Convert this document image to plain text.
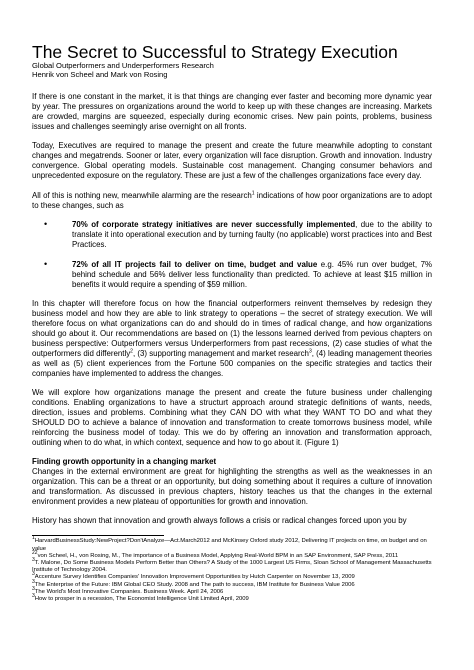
The Secret to Successful to Strategy Execution
Global Outperformers and Underperformers Research
Henrik von Scheel and Mark von Rosing

If there is one constant in the market, it is that things are changing ever faster and becoming more dynamic year by year. The pressures on organizations around the world to keep up with these changes are increasing. Markets are crowded, margins are squeezed, especially during economic crises. New pain points, problems, business issues and challenges seemingly arise overnight on all fronts.

Today, Executives are required to manage the present and create the future meanwhile adopting to constant changes and megatrends. Sooner or later, every organization will face disruption. Growth and innovation. Industry convergence. Global operating models. Sustainable cost management. Changing consumer behaviors and unprecedented exposure on the regulatory. These are just a few of the challenges organizations face every day.

All of this is nothing new, meanwhile alarming are the research$^1$ indications of how poor organizations are to adopt to these changes, such as

•	70% of corporate strategy initiatives are never successfully implemented, due to the ability to translate it into operational execution and by turning faulty (no applicable) worst practices into and Best Practices.
•	72% of all IT projects fail to deliver on time, budget and value e.g. 45% run over budget, 7% behind schedule and 56% deliver less functionality than predicted. To achieve at least $15 million in benefits it would require a spending of $59 million.

In this chapter will therefore focus on how the financial outperformers reinvent themselves by redesign they business model and how they are able to link strategy to operations – the secret of strategy execution. We will therefore focus on what organizations can do and should do in times of radical change, and how organizations should go about it. Our recommendations are based on (1) the lessons learned derived from pevious chapters on business perspective: Outperformers versus Underperformers from past recessions, (2) case studies of what the outperformers did differently$^2$, (3) supporting management and market research$^3$, (4) leading management theories as well as (5) client experiences from the Fortune 500 companies on the specific strategies and tactics their companies have implemented to address the changes.

We will explore how organizations manage the present and create the future business under challenging conditions. Enabling organizations to have a structurt approach around strategic definitions of wants, needs, direction, issues and problems. Combining what they CAN DO with what they WANT TO DO and what they SHOULD DO to achieve a balance of innovation and transformation to create tomorrows business model, while reinforcing the business model of today. This we do by offering an innovation and transformation approach, outlining when to do what, in which context, sequence and how to go about it. (Figure 1)

Finding growth opportunity in a changing market

Changes in the external environment are great for highlighting the strengths as well as the weaknesses in an organization. This can be a threat or an opportunity, but doing something about it requires a culture of innovation and transformation. As discussed in previous chapters, history teaches us that the changes in the external environment provides a new plateau of opportunities for growth and innovation.

History has shown that innovation and growth always follows a crisis or radical changes forced upon you by

$^1$HarvardBusinessStudy:NewProject?Don'tAnalyze—Act.March2012 and McKinsey Oxford study 2012, Delivering IT projects on time, on budget and on value

$^{22}$von Scheel, H., von Rosing, M., The importance of a Business Model, Applying Real-World BPM in an SAP Environment, SAP Press, 2011

$^3$T. Malone, Do Some Business Models Perform Better than Others? A Study of the 1000 Largest US Firms, Sloan School of Management Massachusetts Institute of Technology 2004.

$^3$Accenture Survey Identifies Companies' Innovation Improvement Opportunities by Hutch Carpenter on November 13, 2009

$^3$The Enterprise of the Future: IBM Global CEO Study. 2008 and The path to success, IBM Institute for Business Value 2006

$^3$The World's Most Innovative Companies. Business Week. April 24, 2006

$^3$How to prosper in a recession, The Economist Intelligence Unit Limited April, 2009
